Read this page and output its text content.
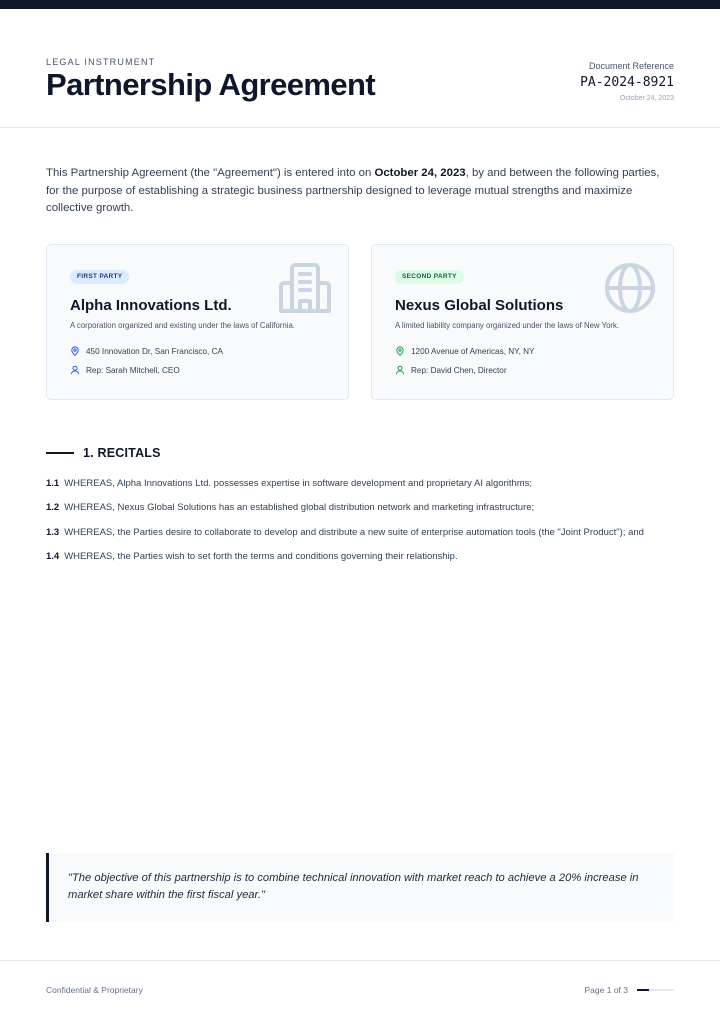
LEGAL INSTRUMENT
Partnership Agreement
Document Reference
PA-2024-8921
October 24, 2023

This Partnership Agreement (the "Agreement") is entered into on October 24, 2023, by and between the following parties, for the purpose of establishing a strategic business partnership designed to leverage mutual strengths and maximize collective growth.

FIRST PARTY
Alpha Innovations Ltd.
A corporation organized and existing under the laws of California.
450 Innovation Dr, San Francisco, CA
Rep: Sarah Mitchell, CEO
SECOND PARTY
Nexus Global Solutions
A limited liability company organized under the laws of New York.
1200 Avenue of Americas, NY, NY
Rep: David Chen, Director
1. RECITALS
1.1 WHEREAS, Alpha Innovations Ltd. possesses expertise in software development and proprietary AI algorithms;
1.2 WHEREAS, Nexus Global Solutions has an established global distribution network and marketing infrastructure;
1.3 WHEREAS, the Parties desire to collaborate to develop and distribute a new suite of enterprise automation tools (the "Joint Product"); and
1.4 WHEREAS, the Parties wish to set forth the terms and conditions governing their relationship.

"The objective of this partnership is to combine technical innovation with market reach to achieve a 20% increase in market share within the first fiscal year."

Confidential & Proprietary	Page 1 of 3
